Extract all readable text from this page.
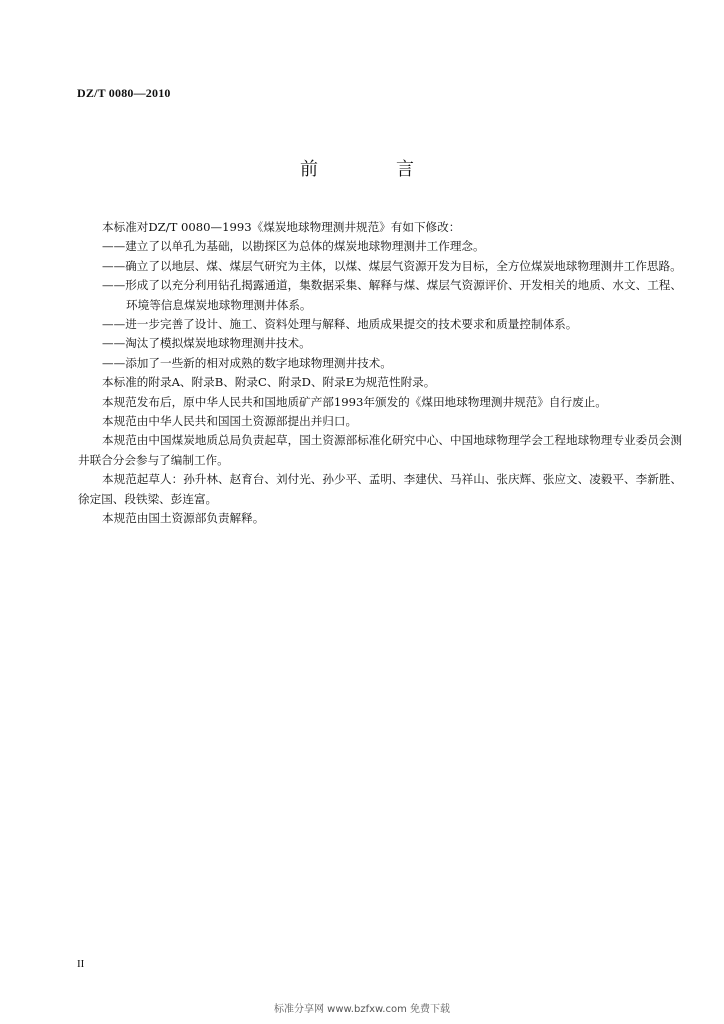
DZ/T 0080—2010
前　言

本标准对DZ/T 0080—1993《煤炭地球物理测井规范》有如下修改：

——建立了以单孔为基础，以勘探区为总体的煤炭地球物理测井工作理念。

——确立了以地层、煤、煤层气研究为主体，以煤、煤层气资源开发为目标，全方位煤炭地球物理测井工作思路。

——形成了以充分利用钻孔揭露通道，集数据采集、解释与煤、煤层气资源评价、开发相关的地质、水文、工程、环境等信息煤炭地球物理测井体系。

——进一步完善了设计、施工、资料处理与解释、地质成果提交的技术要求和质量控制体系。

——淘汰了模拟煤炭地球物理测井技术。

——添加了一些新的相对成熟的数字地球物理测井技术。

本标准的附录A、附录B、附录C、附录D、附录E为规范性附录。

本规范发布后，原中华人民共和国地质矿产部1993年颁发的《煤田地球物理测井规范》自行废止。

本规范由中华人民共和国国土资源部提出并归口。

本规范由中国煤炭地质总局负责起草，国土资源部标准化研究中心、中国地球物理学会工程地球物理专业委员会测井联合分会参与了编制工作。

本规范起草人：孙升林、赵育台、刘付光、孙少平、孟明、李建伏、马祥山、张庆辉、张应文、凌毅平、李新胜、徐定国、段铁梁、彭连富。

本规范由国土资源部负责解释。

II
标准分享网 www.bzfxw.com 免费下载
